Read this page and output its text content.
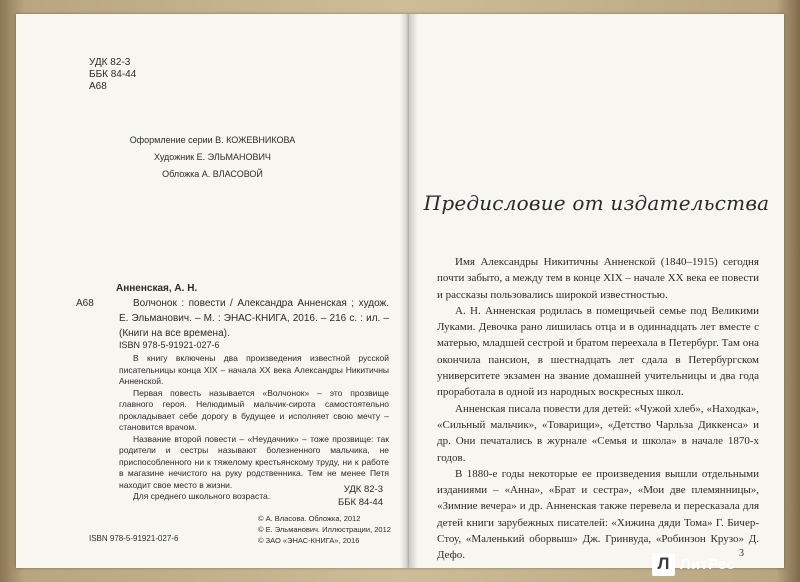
УДК 82-3
ББК 84-44
А68
Оформление серии В. КОЖЕВНИКОВА
Художник Е. ЭЛЬМАНОВИЧ
Обложка А. ВЛАСОВОЙ
А68
Анненская, А. Н.
Волчонок : повести / Александра Анненская ; худож. Е. Эльманович. – М. : ЭНАС-КНИГА, 2016. – 216 с. : ил. – (Книги на все времена).
ISBN 978-5-91921-027-6

В книгу включены два произведения известной русской писательницы конца XIX – начала XX века Александры Никитичны Анненской.

Первая повесть называется «Волчонок» – это прозвище главного героя. Нелюдимый мальчик-сирота самостоятельно прокладывает себе дорогу в будущее и исполняет свою мечту – становится врачом.

Название второй повести – «Неудачник» – тоже прозвище: так родители и сестры называют болезненного мальчика, не приспособленного ни к тяжелому крестьянскому труду, ни к работе в магазине нечистого на руку родственника. Тем не менее Петя находит свое место в жизни.

Для среднего школьного возраста.

УДК 82-3
ББК 84-44
© А. Власова. Обложка, 2012
© Е. Эльманович. Иллюстрации, 2012
© ЗАО «ЭНАС-КНИГА», 2016
ISBN 978-5-91921-027-6
Предисловие от издательства

Имя Александры Никитичны Анненской (1840–1915) сегодня почти забыто, а между тем в конце XIX – начале XX века ее повести и рассказы пользовались широкой известностью.

А. Н. Анненская родилась в помещичьей семье под Великими Луками. Девочка рано лишилась отца и в одиннадцать лет вместе с матерью, младшей сестрой и братом переехала в Петербург. Там она окончила пансион, в шестнадцать лет сдала в Петербургском университете экзамен на звание домашней учительницы и два года проработала в одной из народных воскресных школ.

Анненская писала повести для детей: «Чужой хлеб», «Находка», «Сильный мальчик», «Товарищи», «Детство Чарльза Диккенса» и др. Они печатались в журнале «Семья и школа» в начале 1870-х годов.

В 1880-е годы некоторые ее произведения вышли отдельными изданиями – «Анна», «Брат и сестра», «Мои две племянницы», «Зимние вечера» и др. Анненская также перевела и пересказала для детей книги зарубежных писателей: «Хижина дяди Тома» Г. Бичер-Стоу, «Маленький оборвыш» Дж. Гринвуда, «Робинзон Крузо» Д. Дефо.	3
Л ЛитРес
